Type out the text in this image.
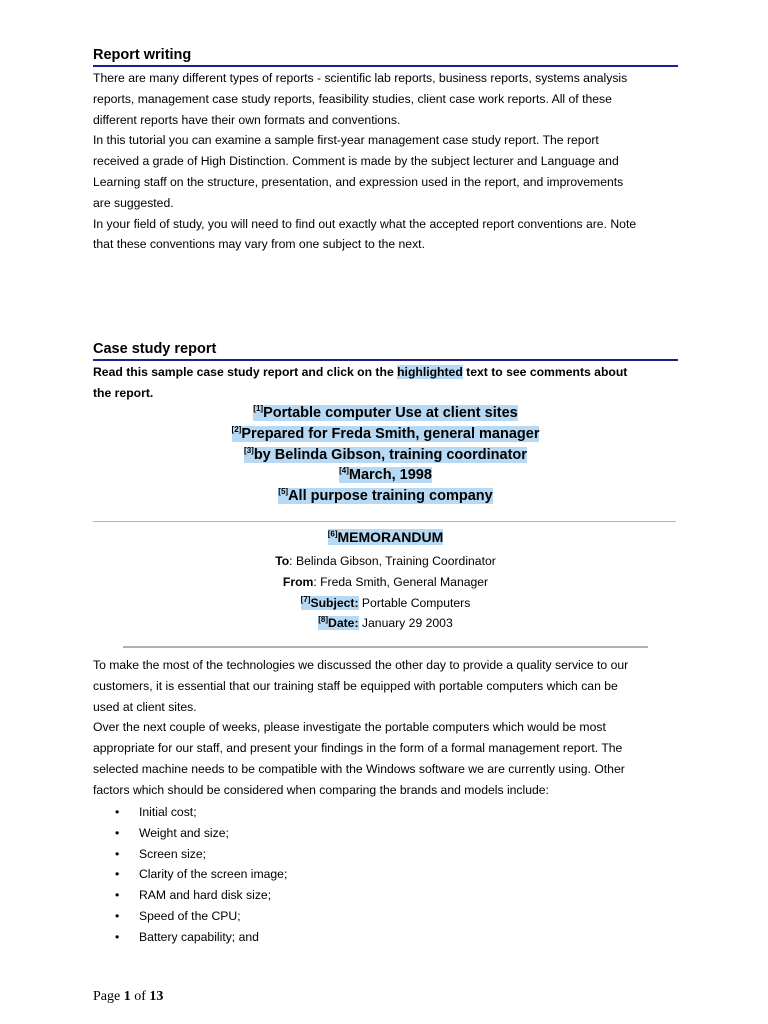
Report writing

There are many different types of reports - scientific lab reports, business reports, systems analysis

reports, management case study reports, feasibility studies, client case work reports. All of these

different reports have their own formats and conventions.

In this tutorial you can examine a sample first-year management case study report. The report

received a grade of High Distinction. Comment is made by the subject lecturer and Language and

Learning staff on the structure, presentation, and expression used in the report, and improvements

are suggested.

In your field of study, you will need to find out exactly what the accepted report conventions are. Note

that these conventions may vary from one subject to the next.

Case study report
Read this sample case study report and click on the highlighted text to see comments about
the report.
[1]Portable computer Use at client sites
[2]Prepared for Freda Smith, general manager
[3]by Belinda Gibson, training coordinator
[4]March, 1998
[5]All purpose training company
[6]MEMORANDUM
To: Belinda Gibson, Training Coordinator
From: Freda Smith, General Manager
[7]Subject: Portable Computers
[8]Date: January 29 2003

To make the most of the technologies we discussed the other day to provide a quality service to our

customers, it is essential that our training staff be equipped with portable computers which can be

used at client sites.

Over the next couple of weeks, please investigate the portable computers which would be most

appropriate for our staff, and present your findings in the form of a formal management report. The

selected machine needs to be compatible with the Windows software we are currently using. Other

factors which should be considered when comparing the brands and models include:

• Initial cost;
• Weight and size;
• Screen size;
• Clarity of the screen image;
• RAM and hard disk size;
• Speed of the CPU;
• Battery capability; and
Page 1 of 13
